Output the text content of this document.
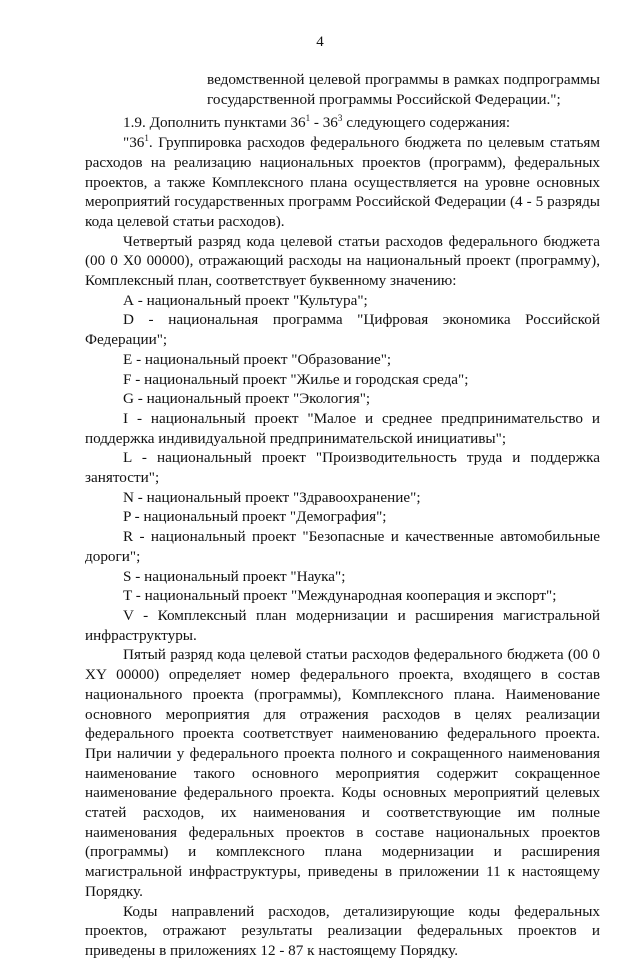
4

ведомственной целевой программы в рамках подпрограммы государственной программы Российской Федерации.";

1.9. Дополнить пунктами $36^1 - 36^3$ следующего содержания:

"$36^1$. Группировка расходов федерального бюджета по целевым статьям расходов на реализацию национальных проектов (программ), федеральных проектов, а также Комплексного плана осуществляется на уровне основных мероприятий государственных программ Российской Федерации (4 - 5 разряды кода целевой статьи расходов).

Четвертый разряд кода целевой статьи расходов федерального бюджета (00 0 X0 00000), отражающий расходы на национальный проект (программу), Комплексный план, соответствует буквенному значению:

А - национальный проект "Культура";

D - национальная программа "Цифровая экономика Российской Федерации";

E - национальный проект "Образование";

F - национальный проект "Жилье и городская среда";

G - национальный проект "Экология";

I - национальный проект "Малое и среднее предпринимательство и поддержка индивидуальной предпринимательской инициативы";

L - национальный проект "Производительность труда и поддержка занятости";

N - национальный проект "Здравоохранение";

P - национальный проект "Демография";

R - национальный проект "Безопасные и качественные автомобильные дороги";

S - национальный проект "Наука";

T - национальный проект "Международная кооперация и экспорт";

V - Комплексный план модернизации и расширения магистральной инфраструктуры.

Пятый разряд кода целевой статьи расходов федерального бюджета (00 0 XY 00000) определяет номер федерального проекта, входящего в состав национального проекта (программы), Комплексного плана. Наименование основного мероприятия для отражения расходов в целях реализации федерального проекта соответствует наименованию федерального проекта. При наличии у федерального проекта полного и сокращенного наименования наименование такого основного мероприятия содержит сокращенное наименование федерального проекта. Коды основных мероприятий целевых статей расходов, их наименования и соответствующие им полные наименования федеральных проектов в составе национальных проектов (программы) и комплексного плана модернизации и расширения магистральной инфраструктуры, приведены в приложении 11 к настоящему Порядку.

Коды направлений расходов, детализирующие коды федеральных проектов, отражают результаты реализации федеральных проектов и приведены в приложениях 12 - 87 к настоящему Порядку.
